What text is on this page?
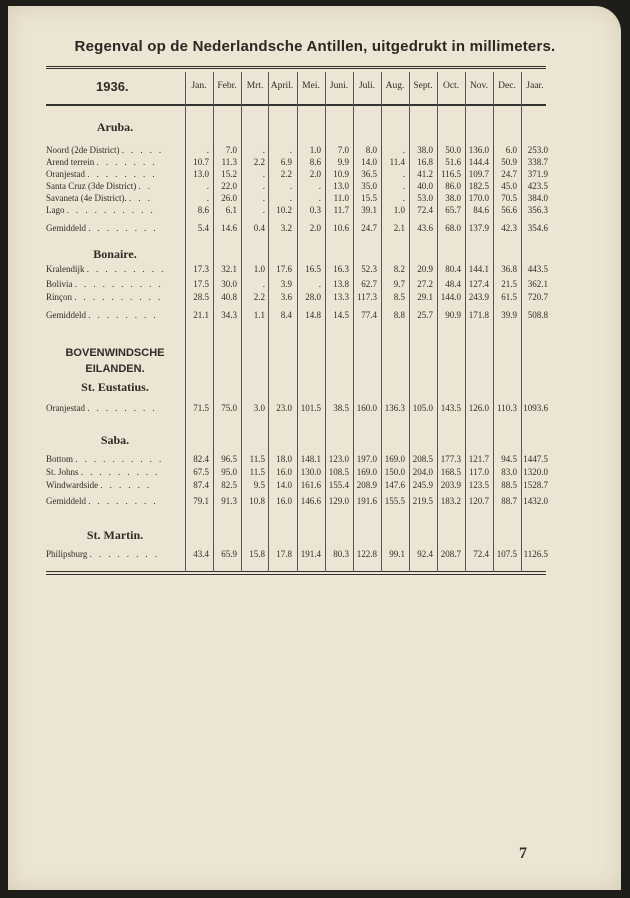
Regenval op de Nederlandsche Antillen, uitgedrukt in millimeters.
1936.	Jan.	Febr.	Mrt. April. Mei.	Juni.	Juli.	Aug. Sept.	Oct.	Nov.	Dec.	Jaar.
Aruba.
Noord (2de District) . . . . .	.	7.0	.	.	1.0	7.0	8.0	.	38.0	50.0 136.0	6.0	253.0
Arend terrein . . . . . . .	10.7	11.3	2.2	6.9	8.6	9.9	14.0	11.4	16.8	51.6 144.4	50.9	338.7
Oranjestad . . . . . . . .	13.0	15.2	.	2.2	2.0	10.9	36.5	.	41.2 116.5 109.7	24.7	371.9
Santa Cruz (3de District) . .	.	22.0	.	.	.	13.0	35.0	.	40.0	86.0 182.5	45.0	423.5
Savaneta (4e District). . . .	.	26.0	.	.	.	11.0	15.5	.	53.0	38.0 170.0	70.5	384.0
Lago . . . . . . . . . .	8.6	6.1	.	10.2	0.3	11.7	39.1	1.0	72.4	65.7	84.6	56.6	356.3
Gemiddeld . . . . . . . .	5.4	14.6	0.4	3.2	2.0	10.6	24.7	2.1	43.6	68.0 137.9	42.3	354.6
Bonaire.
Kralendijk . . . . . . . . .	17.3	32.1	1.0	17.6	16.5	16.3	52.3	8.2	20.9	80.4 144.1	36.8	443.5
Bolivia . . . . . . . . . .	17.5	30.0	.	3.9	.	13.8	62.7	9.7	27.2	48.4 127.4	21.5	362.1
Rinçon . . . . . . . . . .	28.5	40.8	2.2	3.6	28.0	13.3 117.3	8.5	29.1 144.0 243.9	61.5	720.7
Gemiddeld . . . . . . . .	21.1	34.3	1.1	8.4	14.8	14.5	77.4	8.8	25.7	90.9 171.8	39.9	508.8
BOVENWINDSCHE
EILANDEN.
St. Eustatius.
Oranjestad . . . . . . . .	71.5	75.0	3.0	23.0 101.5	38.5 160.0 136.3 105.0 143.5 126.0 110.3 1093.6
Saba.
Bottom . . . . . . . . . .	82.4	96.5	11.5	18.0 148.1 123.0 197.0 169.0 208.5 177.3 121.7	94.5 1447.5
St. Johns . . . . . . . . .	67.5	95.0	11.5	16.0 130.0 108.5 169.0 150.0 204.0 168.5 117.0	83.0 1320.0
Windwardside . . . . . .	87.4	82.5	9.5	14.0 161.6 155.4 208.9 147.6 245.9 203.9 123.5	88.5 1528.7
Gemiddeld . . . . . . . .	79.1	91.3	10.8	16.0 146.6 129.0 191.6 155.5 219.5 183.2 120.7	88.7 1432.0
St. Martin.
Philipsburg . . . . . . . .	43.4	65.9	15.8	17.8 191.4	80.3 122.8	99.1	92.4 208.7	72.4 107.5 1126.5
7
